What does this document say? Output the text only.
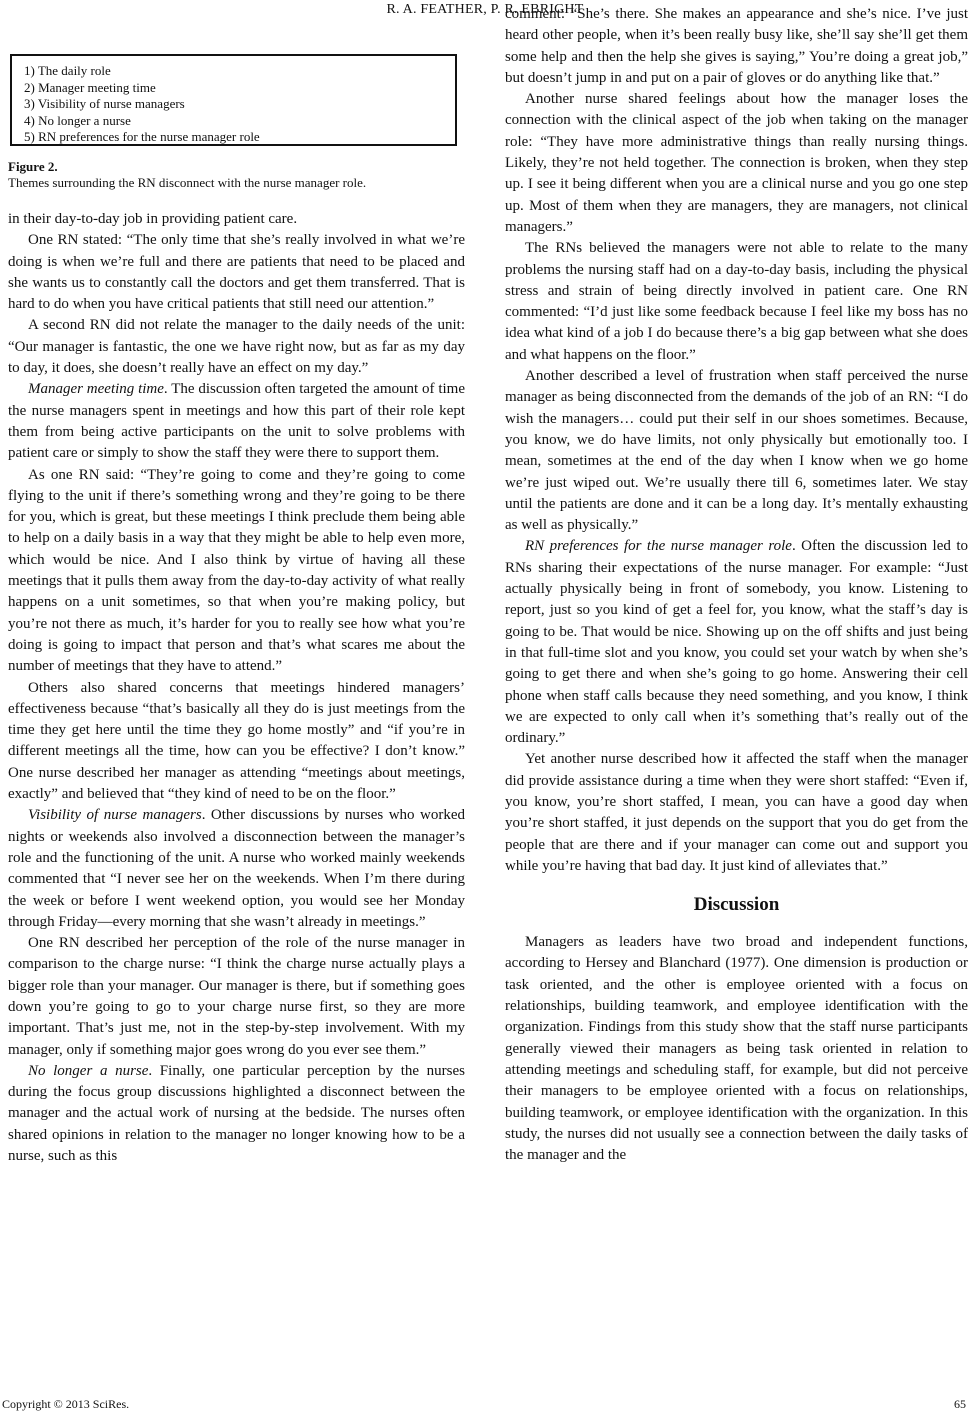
R. A. FEATHER, P. R. EBRIGHT
1) The daily role
2) Manager meeting time
3) Visibility of nurse managers
4) No longer a nurse
5) RN preferences for the nurse manager role
Figure 2.
Themes surrounding the RN disconnect with the nurse manager role.

in their day-to-day job in providing patient care.

One RN stated: “The only time that she’s really involved in what we’re doing is when we’re full and there are patients that need to be placed and she wants us to constantly call the doctors and get them transferred. That is hard to do when you have critical patients that still need our attention.”

A second RN did not relate the manager to the daily needs of the unit: “Our manager is fantastic, the one we have right now, but as far as my day to day, it does, she doesn’t really have an effect on my day.”

Manager meeting time. The discussion often targeted the amount of time the nurse managers spent in meetings and how this part of their role kept them from being active participants on the unit to solve problems with patient care or simply to show the staff they were there to support them.

As one RN said: “They’re going to come and they’re going to come flying to the unit if there’s something wrong and they’re going to be there for you, which is great, but these meetings I think preclude them being able to help on a daily basis in a way that they might be able to help even more, which would be nice. And I also think by virtue of having all these meetings that it pulls them away from the day-to-day activity of what really happens on a unit sometimes, so that when you’re making policy, but you’re not there as much, it’s harder for you to really see how what you’re doing is going to impact that person and that’s what scares me about the number of meetings that they have to attend.”

Others also shared concerns that meetings hindered managers’ effectiveness because “that’s basically all they do is just meetings from the time they get here until the time they go home mostly” and “if you’re in different meetings all the time, how can you be effective? I don’t know.” One nurse described her manager as attending “meetings about meetings, exactly” and believed that “they kind of need to be on the floor.”

Visibility of nurse managers. Other discussions by nurses who worked nights or weekends also involved a disconnection between the manager’s role and the functioning of the unit. A nurse who worked mainly weekends commented that “I never see her on the weekends. When I’m there during the week or before I went weekend option, you would see her Monday through Friday—every morning that she wasn’t already in meetings.”

One RN described her perception of the role of the nurse manager in comparison to the charge nurse: “I think the charge nurse actually plays a bigger role than your manager. Our manager is there, but if something goes down you’re going to go to your charge nurse first, so they are more important. That’s just me, not in the step-by-step involvement. With my manager, only if something major goes wrong do you ever see them.”

No longer a nurse. Finally, one particular perception by the nurses during the focus group discussions highlighted a disconnect between the manager and the actual work of nursing at the bedside. The nurses often shared opinions in relation to the manager no longer knowing how to be a nurse, such as this

comment: “She’s there. She makes an appearance and she’s nice. I’ve just heard other people, when it’s been really busy like, she’ll say she’ll get them some help and then the help she gives is saying,” You’re doing a great job,” but doesn’t jump in and put on a pair of gloves or do anything like that.”

Another nurse shared feelings about how the manager loses the connection with the clinical aspect of the job when taking on the manager role: “They have more administrative things than really nursing things. Likely, they’re not held together. The connection is broken, when they step up. I see it being different when you are a clinical nurse and you go one step up. Most of them when they are managers, they are managers, not clinical managers.”

The RNs believed the managers were not able to relate to the many problems the nursing staff had on a day-to-day basis, including the physical stress and strain of being directly involved in patient care. One RN commented: “I’d just like some feedback because I feel like my boss has no idea what kind of a job I do because there’s a big gap between what she does and what happens on the floor.”

Another described a level of frustration when staff perceived the nurse manager as being disconnected from the demands of the job of an RN: “I do wish the managers… could put their self in our shoes sometimes. Because, you know, we do have limits, not only physically but emotionally too. I mean, sometimes at the end of the day when I know when we go home we’re just wiped out. We’re usually there till 6, sometimes later. We stay until the patients are done and it can be a long day. It’s mentally exhausting as well as physically.”

RN preferences for the nurse manager role. Often the discussion led to RNs sharing their expectations of the nurse manager. For example: “Just actually physically being in front of somebody, you know. Listening to report, just so you kind of get a feel for, you know, what the staff’s day is going to be. That would be nice. Showing up on the off shifts and just being in that full-time slot and you know, you could set your watch by when she’s going to get there and when she’s going to go home. Answering their cell phone when staff calls because they need something, and you know, I think we are expected to only call when it’s something that’s really out of the ordinary.”

Yet another nurse described how it affected the staff when the manager did provide assistance during a time when they were short staffed: “Even if, you know, you’re short staffed, I mean, you can have a good day when you’re short staffed, it just depends on the support that you do get from the people that are there and if your manager can come out and support you while you’re having that bad day. It just kind of alleviates that.”

Discussion

Managers as leaders have two broad and independent functions, according to Hersey and Blanchard (1977). One dimension is production or task oriented, and the other is employee oriented with a focus on relationships, building teamwork, and employee identification with the organization. Findings from this study show that the staff nurse participants generally viewed their managers as being task oriented in relation to attending meetings and scheduling staff, for example, but did not perceive their managers to be employee oriented with a focus on relationships, building teamwork, or employee identification with the organization. In this study, the nurses did not usually see a connection between the daily tasks of the manager and the

Copyright © 2013 SciRes.	65
